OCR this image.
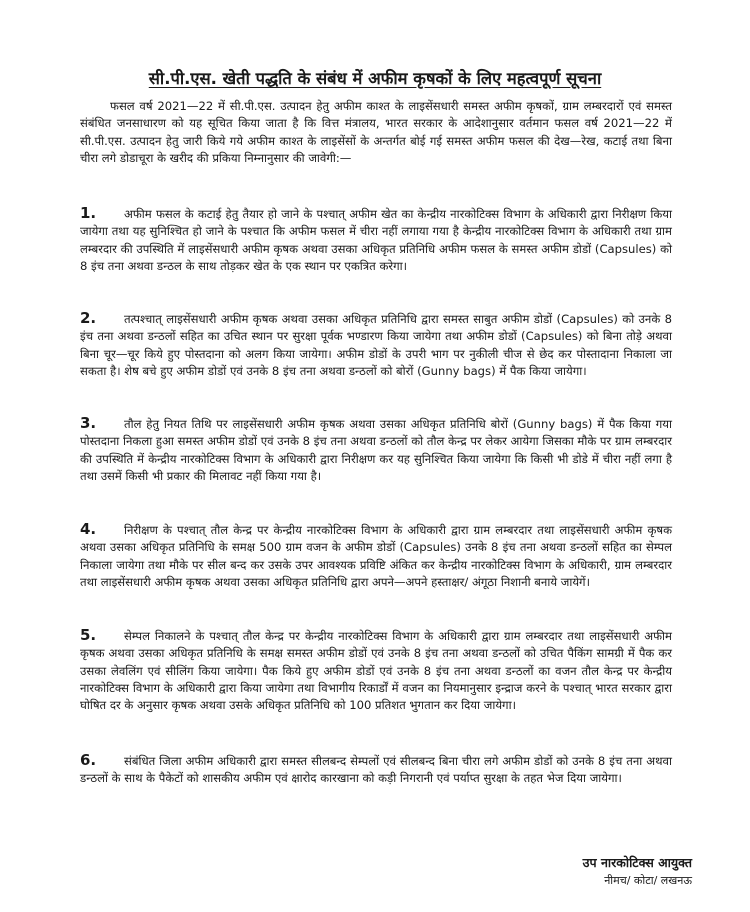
सी.पी.एस. खेती पद्धति के संबंध में अफीम कृषकों के लिए महत्वपूर्ण सूचना
फसल वर्ष 2021—22 में सी.पी.एस. उत्पादन हेतु अफीम काश्त के लाइसेंसधारी समस्त अफीम कृषकों, ग्राम लम्बरदारों एवं समस्त संबंधित जनसाधारण को यह सूचित किया जाता है कि वित्त मंत्रालय, भारत सरकार के आदेशानुसार वर्तमान फसल वर्ष 2021—22 में सी.पी.एस. उत्पादन हेतु जारी किये गये अफीम काश्त के लाइसेंसों के अन्तर्गत बोई गई समस्त अफीम फसल की देख—रेख, कटाई तथा बिना चीरा लगे डोडाचूरा के खरीद की प्रकिया निम्नानुसार की जावेगी:—
1. अफीम फसल के कटाई हेतु तैयार हो जाने के पश्चात् अफीम खेत का केन्द्रीय नारकोटिक्स विभाग के अधिकारी द्वारा निरीक्षण किया जायेगा तथा यह सुनिश्चित हो जाने के पश्चात कि अफीम फसल में चीरा नहीं लगाया गया है केन्द्रीय नारकोटिक्स विभाग के अधिकारी तथा ग्राम लम्बरदार की उपस्थिति में लाइसेंसधारी अफीम कृषक अथवा उसका अधिकृत प्रतिनिधि अफीम फसल के समस्त अफीम डोडों (Capsules) को 8 इंच तना अथवा डन्ठल के साथ तोड़कर खेत के एक स्थान पर एकत्रित करेगा।
2. तत्पश्चात् लाइसेंसधारी अफीम कृषक अथवा उसका अधिकृत प्रतिनिधि द्वारा समस्त साबुत अफीम डोडों (Capsules) को उनके 8 इंच तना अथवा डन्ठलों सहित का उचित स्थान पर सुरक्षा पूर्वक भण्डारण किया जायेगा तथा अफीम डोडों (Capsules) को बिना तोड़े अथवा बिना चूर—चूर किये हुए पोस्तदाना को अलग किया जायेगा। अफीम डोडों के उपरी भाग पर नुकीली चीज से छेद कर पोस्तादाना निकाला जा सकता है। शेष बचे हुए अफीम डोडों एवं उनके 8 इंच तना अथवा डन्ठलों को बोरों (Gunny bags) में पैक किया जायेगा।
3. तौल हेतु नियत तिथि पर लाइसेंसधारी अफीम कृषक अथवा उसका अधिकृत प्रतिनिधि बोरों (Gunny bags) में पैक किया गया पोस्तदाना निकला हुआ समस्त अफीम डोडों एवं उनके 8 इंच तना अथवा डन्ठलों को तौल केन्द्र पर लेकर आयेगा जिसका मौके पर ग्राम लम्बरदार की उपस्थिति में केन्द्रीय नारकोटिक्स विभाग के अधिकारी द्वारा निरीक्षण कर यह सुनिश्चित किया जायेगा कि किसी भी डोडे में चीरा नहीं लगा है तथा उसमें किसी भी प्रकार की मिलावट नहीं किया गया है।
4. निरीक्षण के पश्चात् तौल केन्द्र पर केन्द्रीय नारकोटिक्स विभाग के अधिकारी द्वारा ग्राम लम्बरदार तथा लाइसेंसधारी अफीम कृषक अथवा उसका अधिकृत प्रतिनिधि के समक्ष 500 ग्राम वजन के अफीम डोडों (Capsules) उनके 8 इंच तना अथवा डन्ठलों सहित का सेम्पल निकाला जायेगा तथा मौके पर सील बन्द कर उसके उपर आवश्यक प्रविष्टि अंकित कर केन्द्रीय नारकोटिक्स विभाग के अधिकारी, ग्राम लम्बरदार तथा लाइसेंसधारी अफीम कृषक अथवा उसका अधिकृत प्रतिनिधि द्वारा अपने—अपने हस्ताक्षर/ अंगूठा निशानी बनाये जायेगें।
5. सेम्पल निकालने के पश्चात् तौल केन्द्र पर केन्द्रीय नारकोटिक्स विभाग के अधिकारी द्वारा ग्राम लम्बरदार तथा लाइसेंसधारी अफीम कृषक अथवा उसका अधिकृत प्रतिनिधि के समक्ष समस्त अफीम डोडों एवं उनके 8 इंच तना अथवा डन्ठलों को उचित पैकिंग सामग्री में पैक कर उसका लेवलिंग एवं सीलिंग किया जायेगा। पैक किये हुए अफीम डोडों एवं उनके 8 इंच तना अथवा डन्ठलों का वजन तौल केन्द्र पर केन्द्रीय नारकोटिक्स विभाग के अधिकारी द्वारा किया जायेगा तथा विभागीय रिकार्डों में वजन का नियमानुसार इन्द्राज करने के पश्चात् भारत सरकार द्वारा घोषित दर के अनुसार कृषक अथवा उसके अधिकृत प्रतिनिधि को 100 प्रतिशत भुगतान कर दिया जायेगा।
6. संबंधित जिला अफीम अधिकारी द्वारा समस्त सीलबन्द सेम्पलों एवं सीलबन्द बिना चीरा लगे अफीम डोडों को उनके 8 इंच तना अथवा डन्ठलों के साथ के पैकेटों को शासकीय अफीम एवं क्षारोद कारखाना को कड़ी निगरानी एवं पर्याप्त सुरक्षा के तहत भेज दिया जायेगा।
उप नारकोटिक्स आयुक्त
नीमच/ कोटा/ लखनऊ
